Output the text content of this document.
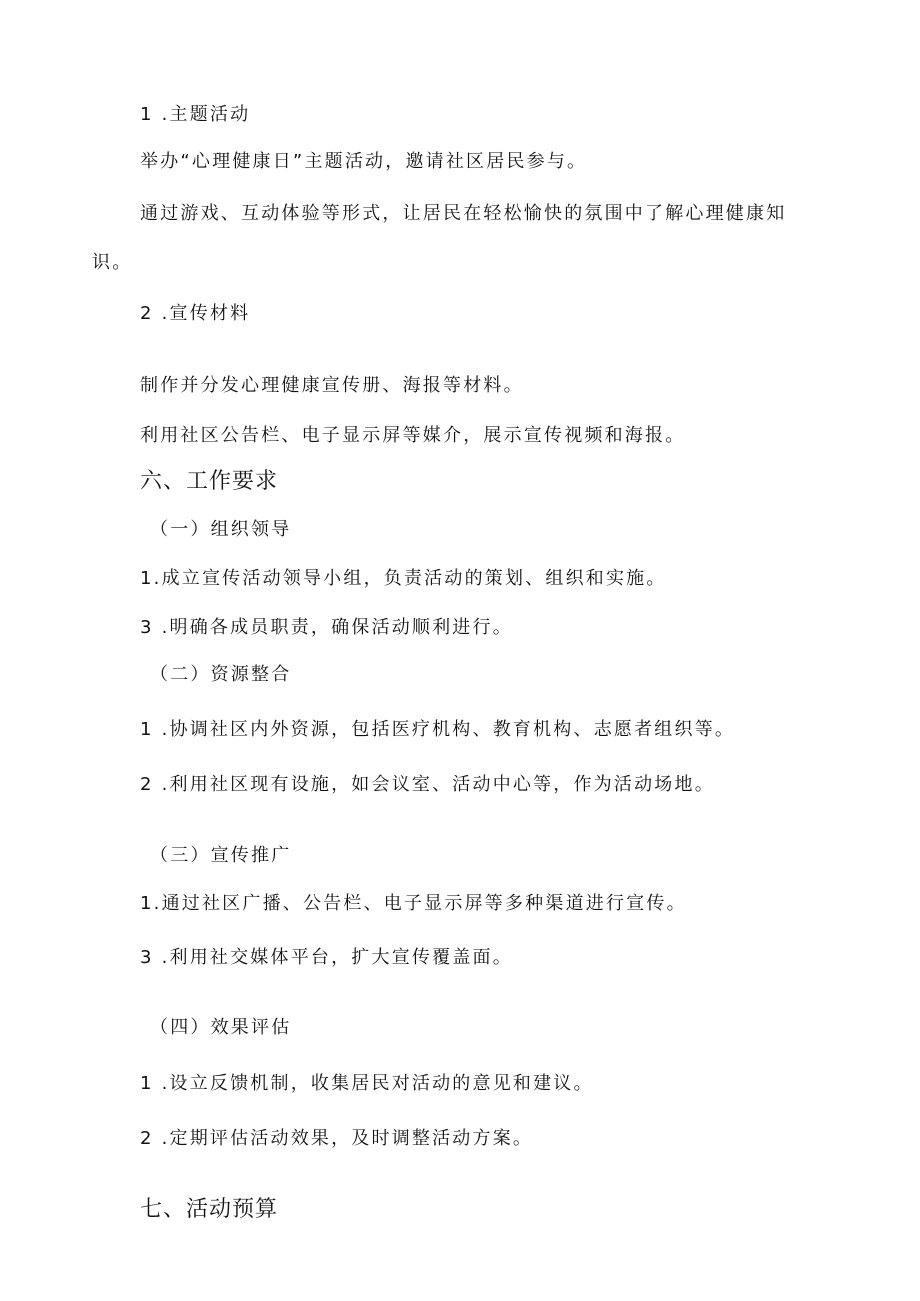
1 .主题活动
举办“心理健康日”主题活动，邀请社区居民参与。
通过游戏、互动体验等形式，让居民在轻松愉快的氛围中了解心理健康知
识。
2 .宣传材料
制作并分发心理健康宣传册、海报等材料。
利用社区公告栏、电子显示屏等媒介，展示宣传视频和海报。
六、工作要求
（一）组织领导
1.成立宣传活动领导小组，负责活动的策划、组织和实施。
3 .明确各成员职责，确保活动顺利进行。
（二）资源整合
1 .协调社区内外资源，包括医疗机构、教育机构、志愿者组织等。
2 .利用社区现有设施，如会议室、活动中心等，作为活动场地。
（三）宣传推广
1.通过社区广播、公告栏、电子显示屏等多种渠道进行宣传。
3 .利用社交媒体平台，扩大宣传覆盖面。
（四）效果评估
1 .设立反馈机制，收集居民对活动的意见和建议。
2 .定期评估活动效果，及时调整活动方案。
七、活动预算
